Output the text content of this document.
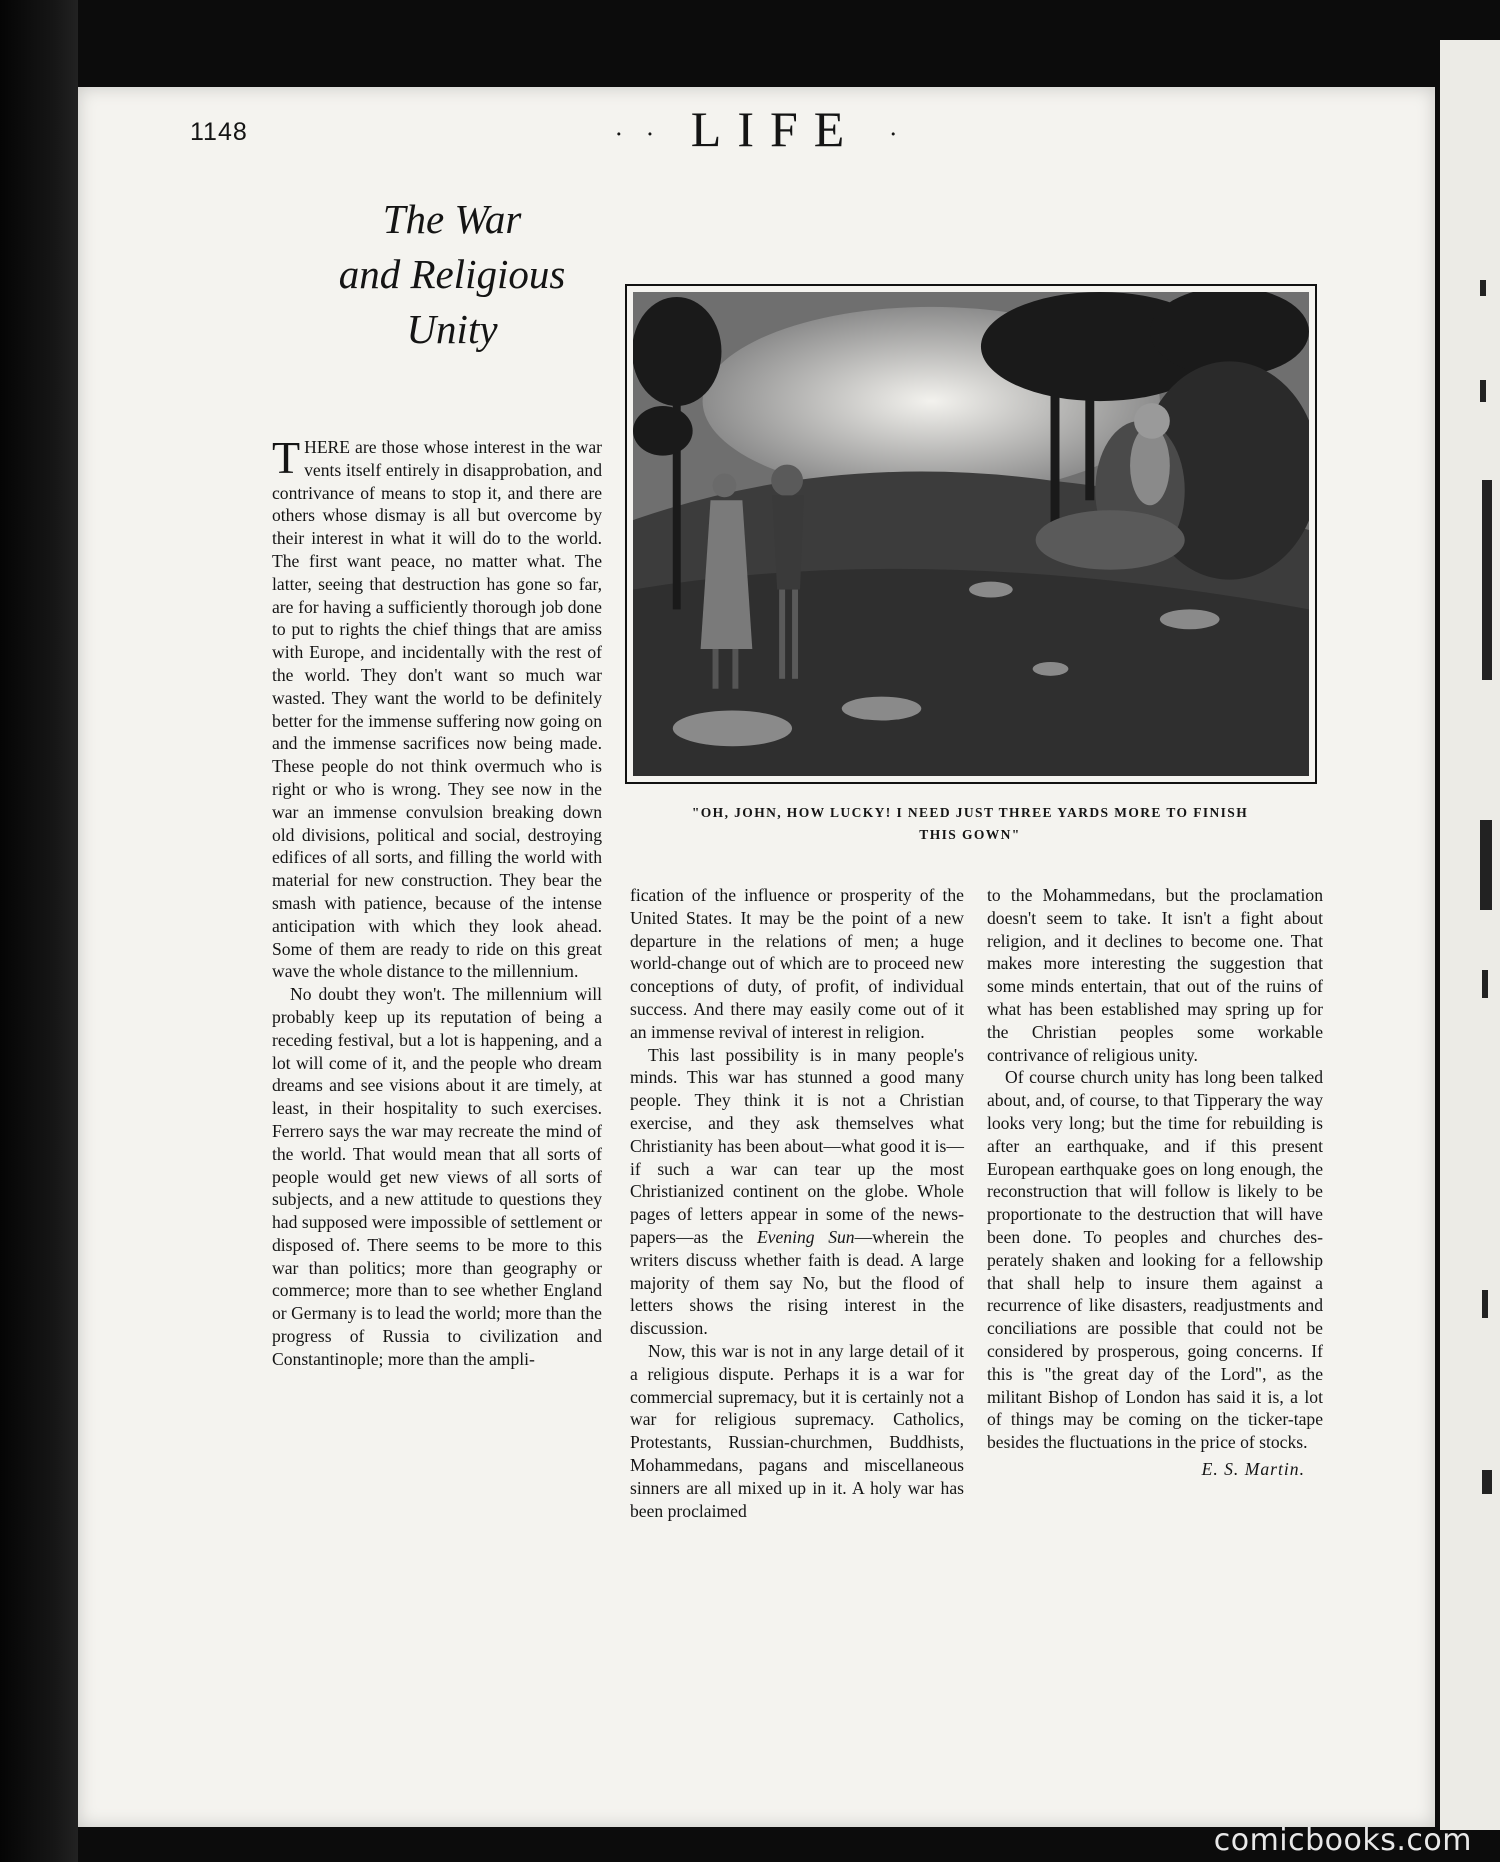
1148	· · LIFE ·
The War
and Religious
Unity

THERE are those whose interest in the war vents itself entirely in disapprobation, and contrivance of means to stop it, and there are others whose dismay is all but overcome by their interest in what it will do to the world. The first want peace, no matter what. The latter, seeing that destruction has gone so far, are for having a sufficiently thorough job done to put to rights the chief things that are amiss with Europe, and incidentally with the rest of the world. They don't want so much war wasted. They want the world to be definitely better for the immense suffering now going on and the immense sacrifices now being made. These people do not think overmuch who is right or who is wrong. They see now in the war an immense convulsion breaking down old divisions, political and social, destroying edifices of all sorts, and filling the world with material for new construction. They bear the smash with patience, because of the intense anticipation with which they look ahead. Some of them are ready to ride on this great wave the whole distance to the millennium.

No doubt they won't. The millennium will probably keep up its reputation of being a receding festival, but a lot is happening, and a lot will come of it, and the people who dream dreams and see visions about it are timely, at least, in their hospitality to such exercises. Ferrero says the war may recreate the mind of the world. That would mean that all sorts of people would get new views of all sorts of subjects, and a new attitude to questions they had supposed were impossible of settlement or disposed of. There seems to be more to this war than politics; more than geography or commerce; more than to see whether England or Germany is to lead the world; more than the progress of Russia to civilization and Constantinople; more than the ampli-

"OH, JOHN, HOW LUCKY! I NEED JUST THREE YARDS MORE TO FINISH
THIS GOWN"

fication of the influence or prosperity of the United States. It may be the point of a new departure in the relations of men; a huge world-change out of which are to proceed new conceptions of duty, of profit, of individual success. And there may easily come out of it an immense revival of interest in religion.

This last possibility is in many people's minds. This war has stunned a good many people. They think it is not a Christian exercise, and they ask themselves what Christianity has been about—what good it is—if such a war can tear up the most Christianized continent on the globe. Whole pages of letters appear in some of the newspapers—as the Evening Sun—wherein the writers discuss whether faith is dead. A large majority of them say No, but the flood of letters shows the rising interest in the discussion.

Now, this war is not in any large detail of it a religious dispute. Perhaps it is a war for commercial supremacy, but it is certainly not a war for religious supremacy. Catholics, Protestants, Russian-churchmen, Buddhists, Mohammedans, pagans and miscellaneous sinners are all mixed up in it. A holy war has been proclaimed

to the Mohammedans, but the proclamation doesn't seem to take. It isn't a fight about religion, and it declines to become one. That makes more interesting the suggestion that some minds entertain, that out of the ruins of what has been established may spring up for the Christian peoples some workable contrivance of religious unity.

Of course church unity has long been talked about, and, of course, to that Tipperary the way looks very long; but the time for rebuilding is after an earthquake, and if this present European earthquake goes on long enough, the reconstruction that will follow is likely to be proportionate to the destruction that will have been done. To peoples and churches desperately shaken and looking for a fellowship that shall help to insure them against a recurrence of like disasters, readjustments and conciliations are possible that could not be considered by prosperous, going concerns. If this is "the great day of the Lord", as the militant Bishop of London has said it is, a lot of things may be coming on the ticker-tape besides the fluctuations in the price of stocks.

E. S. Martin.
comicbooks.com
